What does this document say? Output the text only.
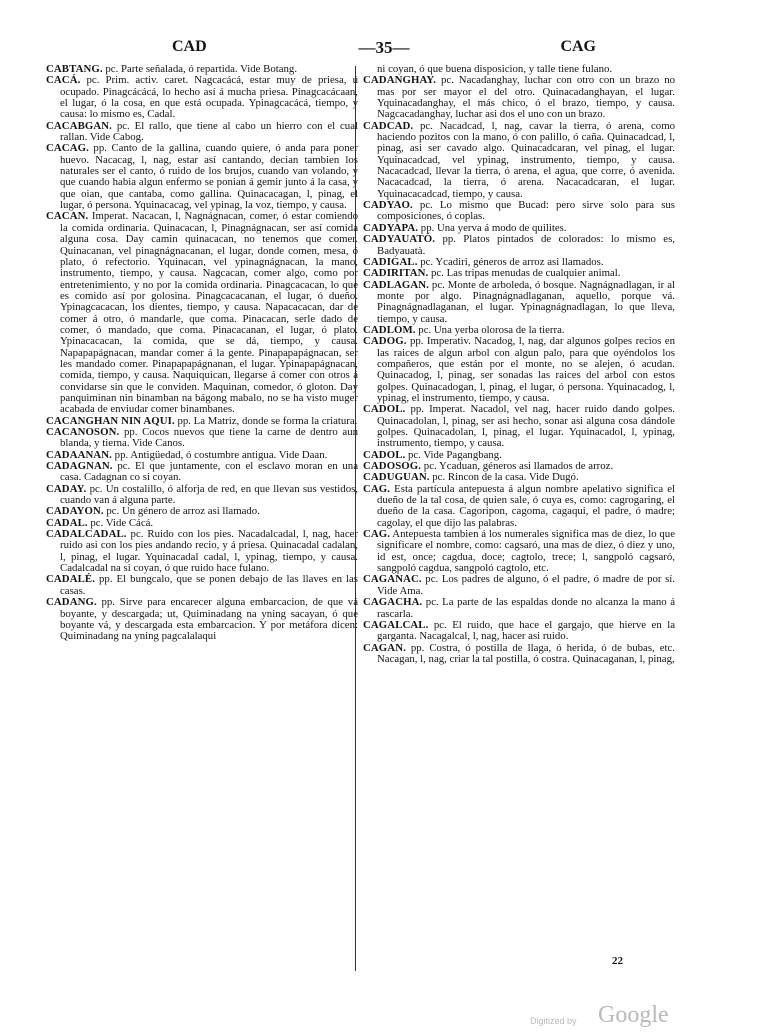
CAD	—35—	CAG
CABTANG. pc. Parte señalada, ó repartida. Vide Botang.
CACÁ. pc. Prim. activ. caret. Nagcacácá, estar muy de priesa, ú ocupado. Pinagcácácá, lo hecho así á mucha priesa. Pinagcacácaan, el lugar, ó la cosa, en que está ocupada. Ypinagcacácá, tiempo, y causa: lo mismo es, Cadal.
CACABGAN. pc. El rallo, que tiene al cabo un hierro con el cual rallan. Vide Cabog.
CACAG. pp. Canto de la gallina, cuando quiere, ó anda para poner huevo. Nacacag, l, nag, estar así cantando, decian tambien los naturales ser el canto, ó ruido de los brujos, cuando van volando, y que cuando habia algun enfermo se ponian á gemir junto á la casa, y que oian, que cantaba, como gallina. Quinacacagan, l, pinag, el lugar, ó persona. Yquinacacag, vel ypinag, la voz, tiempo, y causa.
CACAN. Imperat. Nacacan, l, Nagnágnacan, comer, ó estar comiendo la comida ordinaria. Quinacacan, l, Pinagnágnacan, ser así comida alguna cosa. Day camin quinacacan, no tenemos que comer. Quinacanan, vel pinagnágnacanan, el lugar, donde comen, mesa, ó plato, ó refectorio. Yquinacan, vel ypinagnágnacan, la mano, instrumento, tiempo, y causa. Nagcacan, comer algo, como por entretenimiento, y no por la comida ordinaria. Pinagcacacan, lo que es comido así por golosina. Pinagcacacanan, el lugar, ó dueño. Ypinagcacacan, los dientes, tiempo, y causa. Napacacacan, dar de comer á otro, ó mandarle, que coma. Pinacacan, serle dado de comer, ó mandado, que coma. Pinacacanan, el lugar, ó plato. Ypinacacacan, la comida, que se dá, tiempo, y causa. Napapapágnacan, mandar comer á la gente. Pinapapapágnacan, ser les mandado comer. Pinapapapágnanan, el lugar. Ypinapapágnacan, comida, tiempo, y causa. Naquiquican, llegarse á comer con otros á convidarse sin que le conviden. Maquinan, comedor, ó gloton. Day panquiminan nin binamban na bágong mabalo, no se ha visto muger acabada de enviudar comer binambanes.
CACANGHAN NIN AQUI. pp. La Matriz, donde se forma la criatura.
CACANOSON. pp. Cocos nuevos que tiene la carne de dentro aun blanda, y tierna. Vide Canos.
CADAANAN. pp. Antigüedad, ó costumbre antigua. Vide Daan.
CADAGNAN. pc. El que juntamente, con el esclavo moran en una casa. Cadagnan co si coyan.
CADAY. pc. Un costalillo, ó alforja de red, en que llevan sus vestidos, cuando van á alguna parte.
CADAYON. pc. Un género de arroz asi llamado.
CADAL. pc. Vide Cácá.
CADALCADAL. pc. Ruido con los pies. Nacadalcadal, l, nag, hacer ruido asi con los pies andando recio, y á priesa. Quinacadal cadalan, l, pinag, el lugar. Yquinacadal cadal, l, ypinag, tiempo, y causa. Cadalcadal na si coyan, ó que ruido hace fulano.
CADALÉ. pp. El bungcalo, que se ponen debajo de las llaves en las casas.
CADANG. pp. Sirve para encarecer alguna embarcacion, de que vá boyante, y descargada; ut, Quiminadang na yning sacayan, ó que boyante vá, y descargada esta embarcacion. Y por metáfora dicen: Quiminadang na yning pagcalalaqui
ni coyan, ó que buena disposicion, y talle tiene fulano.
CADANGHAY. pc. Nacadanghay, luchar con otro con un brazo no mas por ser mayor el del otro. Quinacadanghayan, el lugar. Yquinacadanghay, el más chico, ó el brazo, tiempo, y causa. Nagcacadanghay, luchar asi dos el uno con un brazo.
CADCAD. pc. Nacadcad, l, nag, cavar la tierra, ó arena, como haciendo pozitos con la mano, ó con palillo, ó caña. Quinacadcad, l, pinag, asi ser cavado algo. Quinacadcaran, vel pinag, el lugar. Yquinacadcad, vel ypinag, instrumento, tiempo, y causa. Nacacadcad, llevar la tierra, ó arena, el agua, que corre, ó avenida. Nacacadcad, la tierra, ó arena. Nacacadcaran, el lugar. Yquinacacadcad, tiempo, y causa.
CADYAO. pc. Lo mismo que Bucad: pero sirve solo para sus composiciones, ó coplas.
CADYAPA. pp. Una yerva á modo de quilites.
CADYAUATÓ. pp. Platos pintados de colorados: lo mismo es, Badyauatà.
CADIGAL. pc. Ycadiri, géneros de arroz asi llamados.
CADIRITAN. pc. Las tripas menudas de cualquier animal.
CADLAGAN. pc. Monte de arboleda, ó bosque. Nagnágnadlagan, ir al monte por algo. Pinagnágnadlaganan, aquello, porque vá. Pinagnágnadlaganan, el lugar. Ypinagnágnadlagan, lo que lleva, tiempo, y causa.
CADLOM. pc. Una yerba olorosa de la tierra.
CADOG. pp. Imperativ. Nacadog, l, nag, dar algunos golpes recios en las raices de algun arbol con algun palo, para que oyéndolos los compañeros, que están por el monte, no se alejen, ó acudan. Quinacadog, l, pinag, ser sonadas las raices del arbol con estos golpes. Quinacadogan, l, pinag, el lugar, ó persona. Yquinacadog, l, ypinag, el instrumento, tiempo, y causa.
CADOL. pp. Imperat. Nacadol, vel nag, hacer ruido dando golpes. Quinacadolan, l, pinag, ser asi hecho, sonar asi alguna cosa dándole golpes. Quinacadolan, l, pinag, el lugar. Yquinacadol, l, ypinag, instrumento, tiempo, y causa.
CADOL. pc. Vide Pagangbang.
CADOSOG. pc. Ycaduan, géneros asi llamados de arroz.
CADUGUAN. pc. Rincon de la casa. Vide Dugó.
CAG. Esta partícula antepuesta á algun nombre apelativo significa el dueño de la tal cosa, de quien sale, ó cuya es, como: cagrogaring, el dueño de la casa. Cagoripon, cagoma, cagaqui, el padre, ó madre; cagolay, el que dijo las palabras.
CAG. Antepuesta tambien á los numerales significa mas de diez, lo que significare el nombre, como: cagsaró, una mas de diez, ó diez y uno, id est, once; cagdua, doce; cagtolo, trece; l, sangpoló cagsaró, sangpoló cagdua, sangpoló cagtolo, etc.
CAGANAC. pc. Los padres de alguno, ó el padre, ó madre de por sí. Vide Ama.
CAGACHA. pc. La parte de las espaldas donde no alcanza la mano á rascarla.
CAGALCAL. pc. El ruido, que hace el gargajo, que hierve en la garganta. Nacagalcal, l, nag, hacer asi ruido.
CAGAN. pp. Costra, ó postilla de llaga, ó herida, ó de bubas, etc. Nacagan, l, nag, criar la tal postilla, ó costra. Quinacaganan, l, pinag,
22
Digitized by Google
